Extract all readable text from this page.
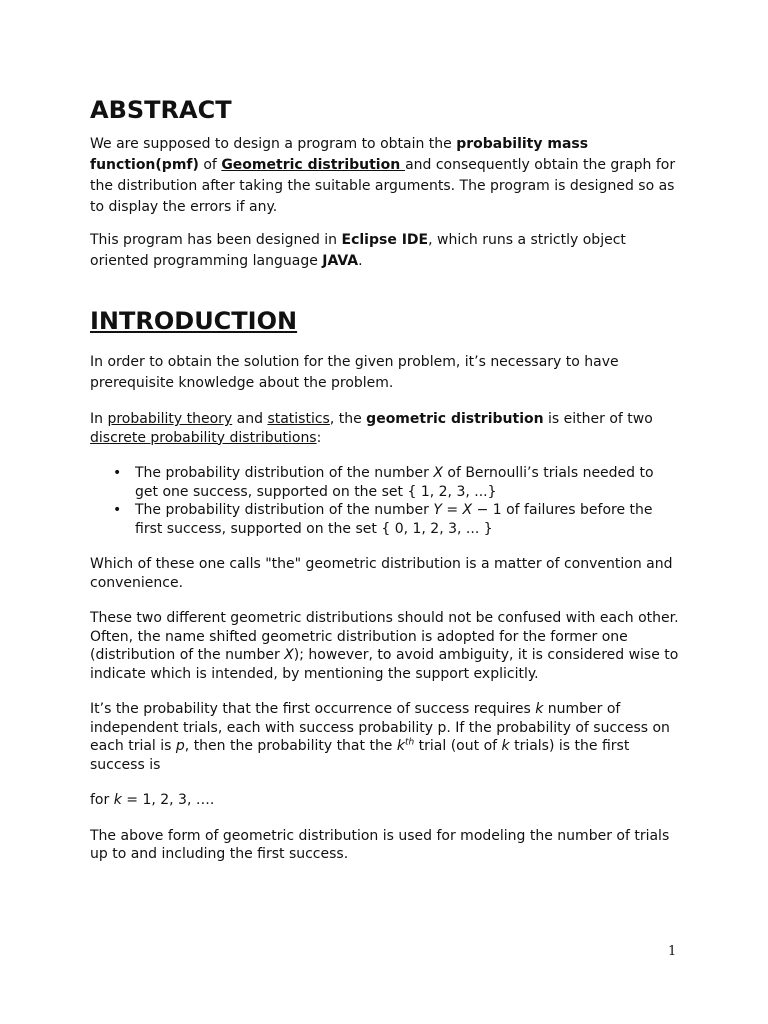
ABSTRACT

We are supposed to design a program to obtain the probability mass function(pmf) of Geometric distribution and consequently obtain the graph for the distribution after taking the suitable arguments. The program is designed so as to display the errors if any.

This program has been designed in Eclipse IDE, which runs a strictly object oriented programming language JAVA.

INTRODUCTION

In order to obtain the solution for the given problem, it’s necessary to have prerequisite knowledge about the problem.

In probability theory and statistics, the geometric distribution is either of two discrete probability distributions:

• The probability distribution of the number X of Bernoulli’s trials needed to get one success, supported on the set { 1, 2, 3, ...}
• The probability distribution of the number Y = X − 1 of failures before the first success, supported on the set { 0, 1, 2, 3, ... }

Which of these one calls "the" geometric distribution is a matter of convention and convenience.

These two different geometric distributions should not be confused with each other. Often, the name shifted geometric distribution is adopted for the former one (distribution of the number X); however, to avoid ambiguity, it is considered wise to indicate which is intended, by mentioning the support explicitly.

It’s the probability that the first occurrence of success requires k number of independent trials, each with success probability p. If the probability of success on each trial is p, then the probability that the $k^{th}$ trial (out of k trials) is the first success is

for k = 1, 2, 3, ….

The above form of geometric distribution is used for modeling the number of trials up to and including the first success.

1
